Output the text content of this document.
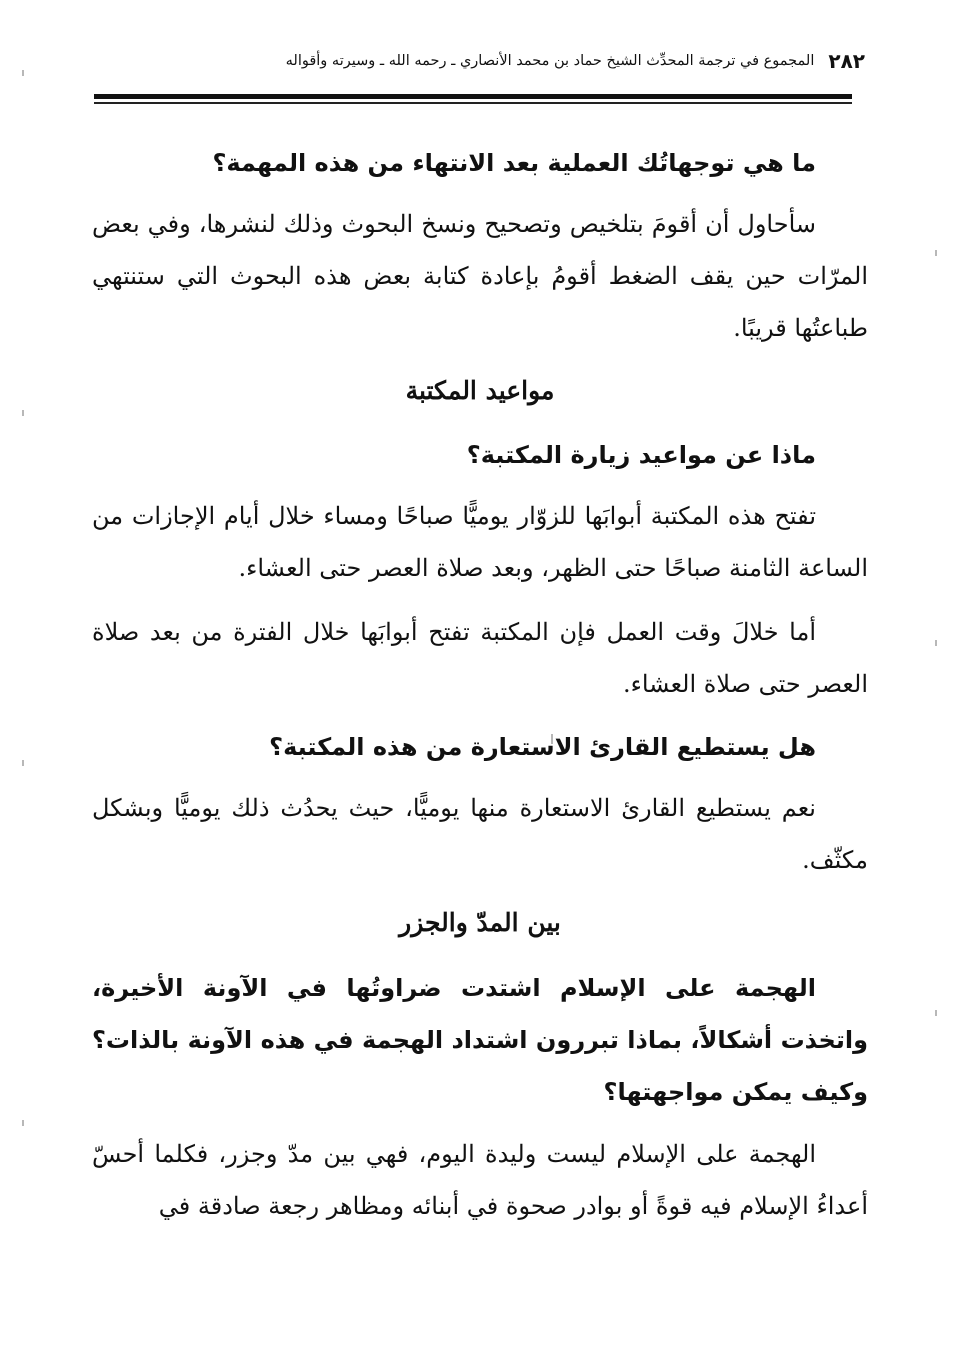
٢٨٢
المجموع في ترجمة المحدِّث الشيخ حماد بن محمد الأنصاري ـ رحمه الله ـ وسيرته وأقواله
ما هي توجهاتُك العملية بعد الانتهاء من هذه المهمة؟
سأحاول أن أقومَ بتلخيص وتصحيح ونسخ البحوث وذلك لنشرها، وفي بعض المرّات حين يقف الضغط أقومُ بإعادة كتابة بعض هذه البحوث التي ستنتهي طباعتُها قريبًا.
مواعيد المكتبة
ماذا عن مواعيد زيارة المكتبة؟
تفتح هذه المكتبة أبوابَها للزوّار يوميًّا صباحًا ومساء خلال أيام الإجازات من الساعة الثامنة صباحًا حتى الظهر، وبعد صلاة العصر حتى العشاء.
أما خلالَ وقت العمل فإن المكتبة تفتح أبوابَها خلال الفترة من بعد صلاة العصر حتى صلاة العشاء.
هل يستطيع القارئ الاستعارة من هذه المكتبة؟
نعم يستطيع القارئ الاستعارة منها يوميًّا، حيث يحدُث ذلك يوميًّا وبشكل مكثّف.
بين المدّ والجزر
الهجمة على الإسلام اشتدت ضراوتُها في الآونة الأخيرة، واتخذت أشكالاً، بماذا تبررون اشتداد الهجمة في هذه الآونة بالذات؟ وكيف يمكن مواجهتها؟
الهجمة على الإسلام ليست وليدة اليوم، فهي بين مدّ وجزر، فكلما أحسّ أعداءُ الإسلام فيه قوةً أو بوادر صحوة في أبنائه ومظاهر رجعة صادقة في
